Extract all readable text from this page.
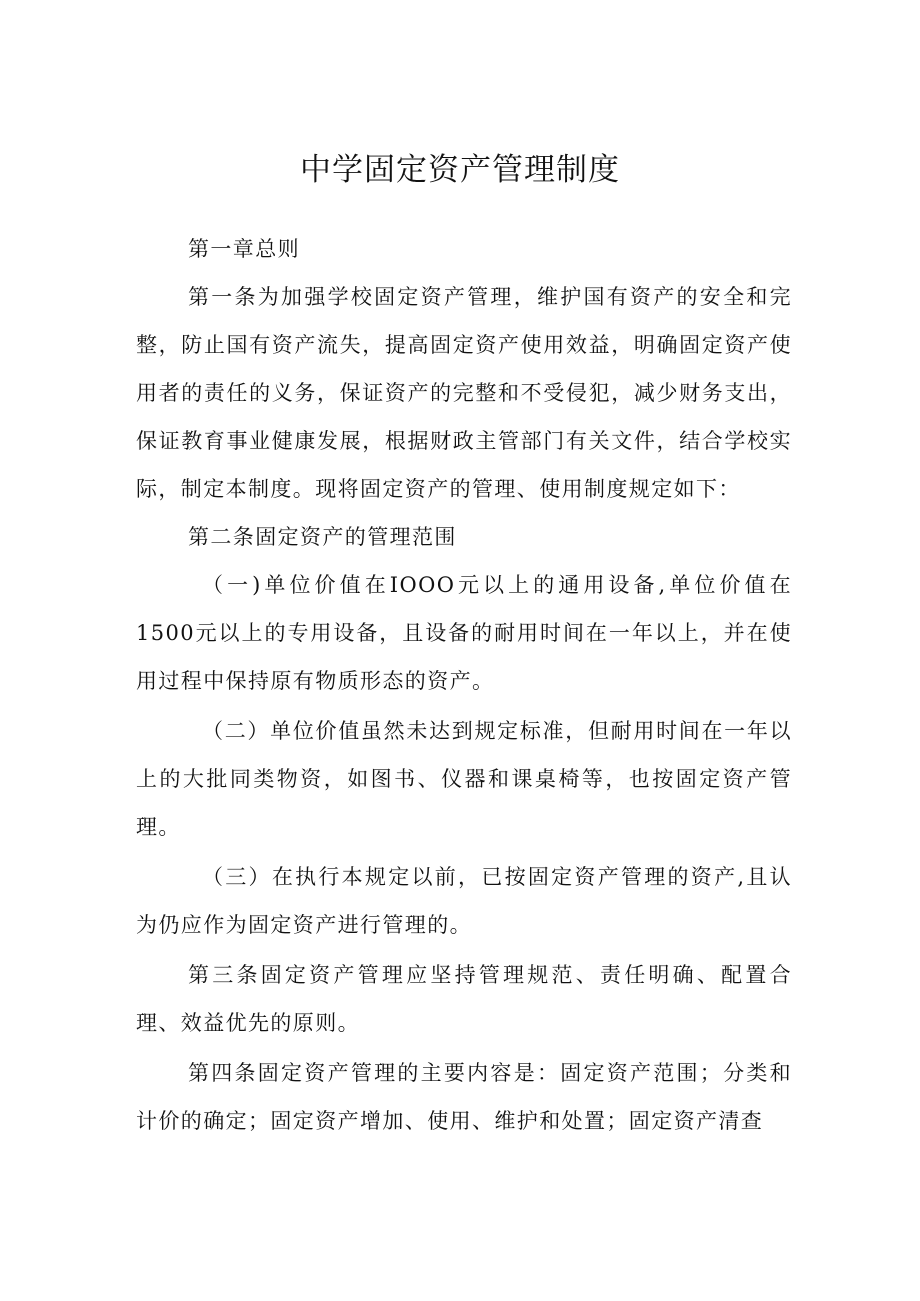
中学固定资产管理制度

第一章总则

第一条为加强学校固定资产管理，维护国有资产的安全和完整，防止国有资产流失，提高固定资产使用效益，明确固定资产使用者的责任的义务，保证资产的完整和不受侵犯，减少财务支出，保证教育事业健康发展，根据财政主管部门有关文件，结合学校实际，制定本制度。现将固定资产的管理、使用制度规定如下：

第二条固定资产的管理范围

（一)单位价值在IOOO元以上的通用设备,单位价值在1500元以上的专用设备，且设备的耐用时间在一年以上，并在使用过程中保持原有物质形态的资产。

（二）单位价值虽然未达到规定标准，但耐用时间在一年以上的大批同类物资，如图书、仪器和课桌椅等，也按固定资产管理。

（三）在执行本规定以前，已按固定资产管理的资产,且认为仍应作为固定资产进行管理的。

第三条固定资产管理应坚持管理规范、责任明确、配置合理、效益优先的原则。

第四条固定资产管理的主要内容是：固定资产范围；分类和计价的确定；固定资产增加、使用、维护和处置；固定资产清查
